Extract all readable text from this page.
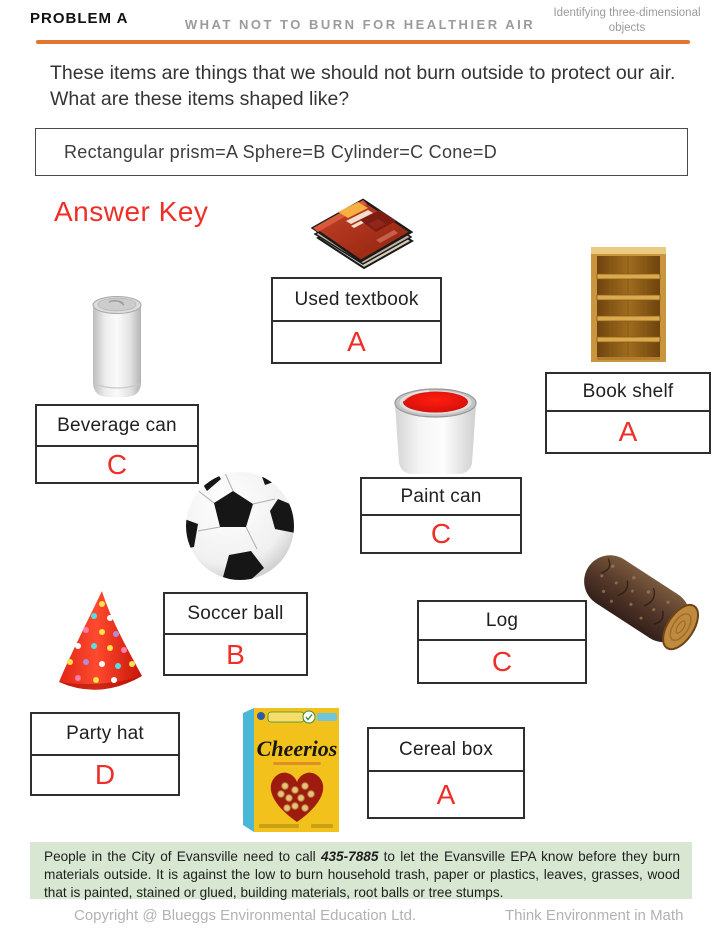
PROBLEM A	WHAT NOT TO BURN FOR HEALTHIER AIR
Identifying three-dimensional objects
These items are things that we should not burn outside to protect our air. What are these items shaped like?
Rectangular prism=A Sphere=B Cylinder=C Cone=D
Answer Key
Cheerios
Used textbook
A
Book shelf
A
Beverage can
C
Paint can
C
Soccer ball
B
Log
C
Party hat
D
Cereal box
A
People in the City of Evansville need to call 435-7885 to let the Evansville EPA know before they burn materials outside. It is against the low to burn household trash, paper or plastics, leaves, grasses, wood that is painted, stained or glued, building materials, root balls or tree stumps.
Copyright @ Blueggs Environmental Education Ltd.	Think Environment in Math
